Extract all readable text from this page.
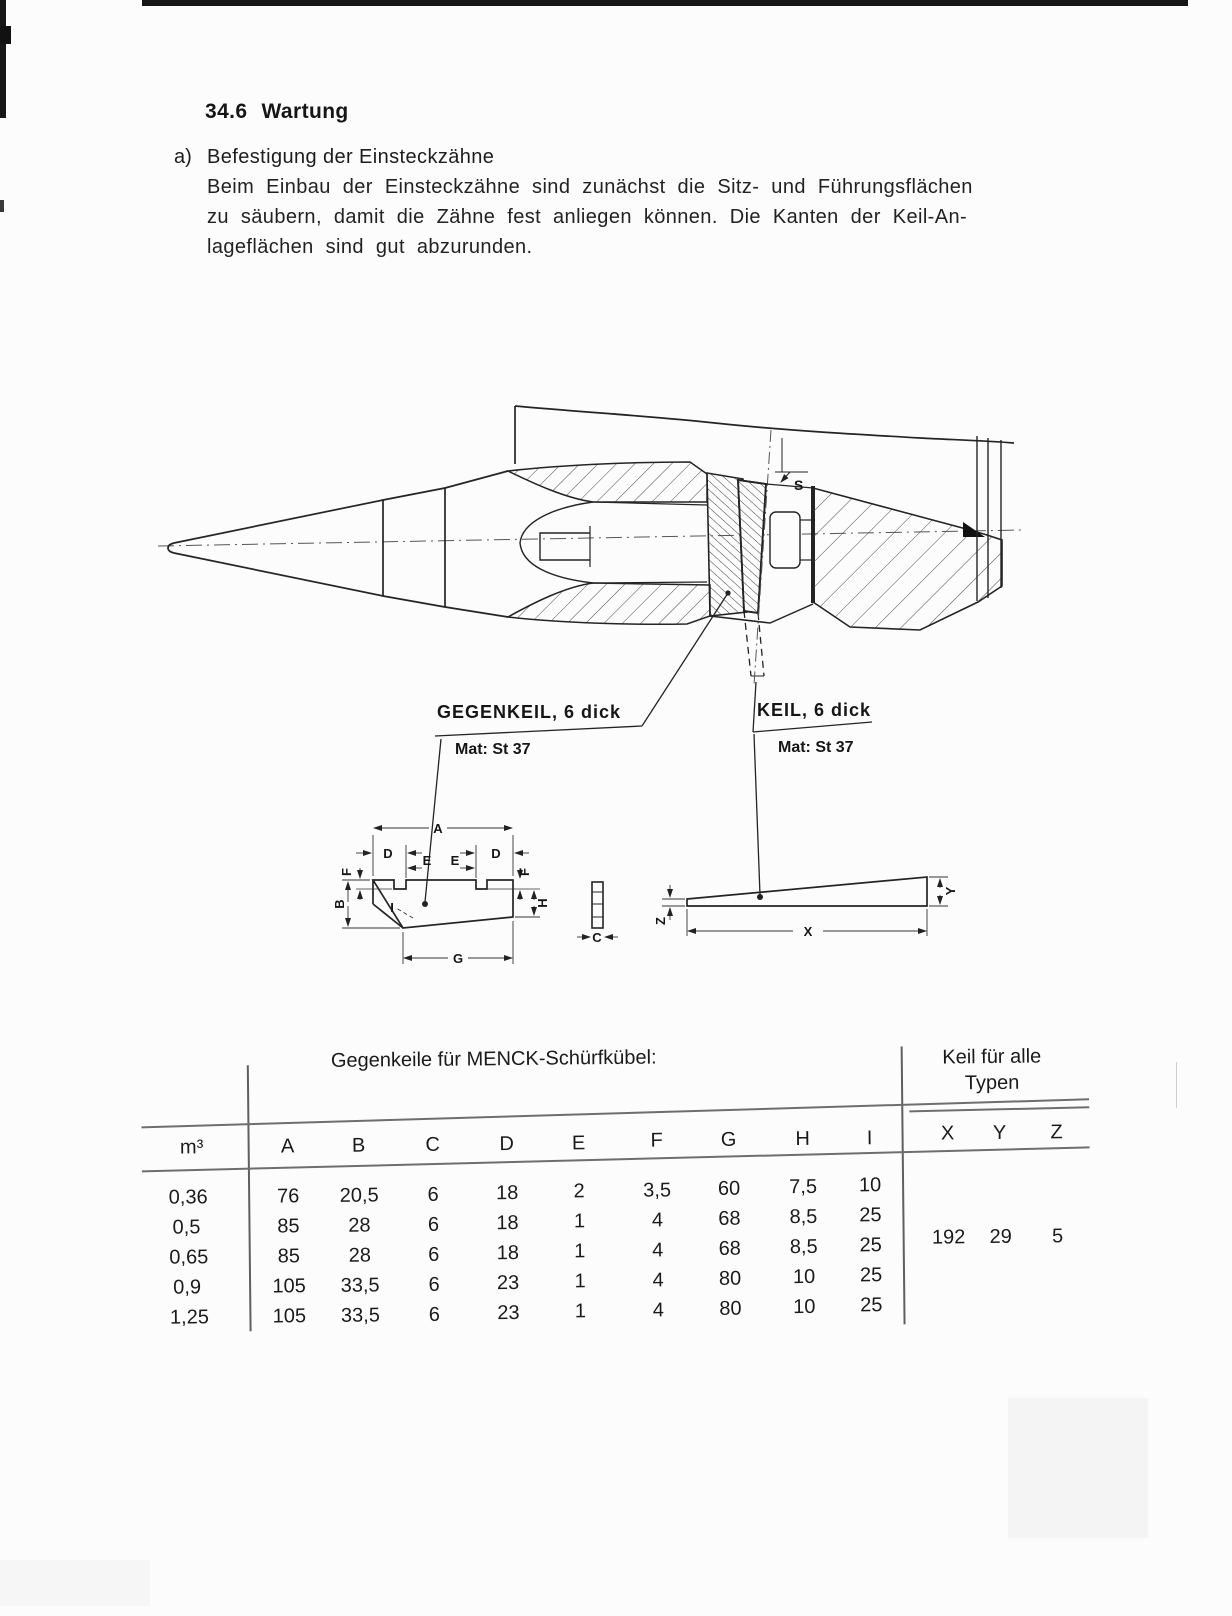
34.6 Wartung
a) Befestigung der Einsteckzähne
Beim Einbau der Einsteckzähne sind zunächst die Sitz- und Führungsflächen
zu säubern, damit die Zähne fest anliegen können. Die Kanten der Keil-An-
lageflächen sind gut abzurunden.
GEGENKEIL, 6 dick
Mat: St 37
KEIL, 6 dick
Mat: St 37
S
A
D	D
E E
F	F
B	H
G
I
C
Z
Y
X
Gegenkeile für MENCK-Schürfkübel:	Keil für alle
Typen
m³	A	B	C	D	E	F	G	H	I	X Y Z
0,36	76 20,5 6	18	2	3,5 60 7,5 10
0,5	85 28	6	18	1	4	68 8,5 25
0,65	85 28	6	18	1	4	68 8,5 25
0,9	105 33,5 6	23	1	4	80	10 25
1,25	105 33,5 6	23	1	4	80	10 25
192 29 5
